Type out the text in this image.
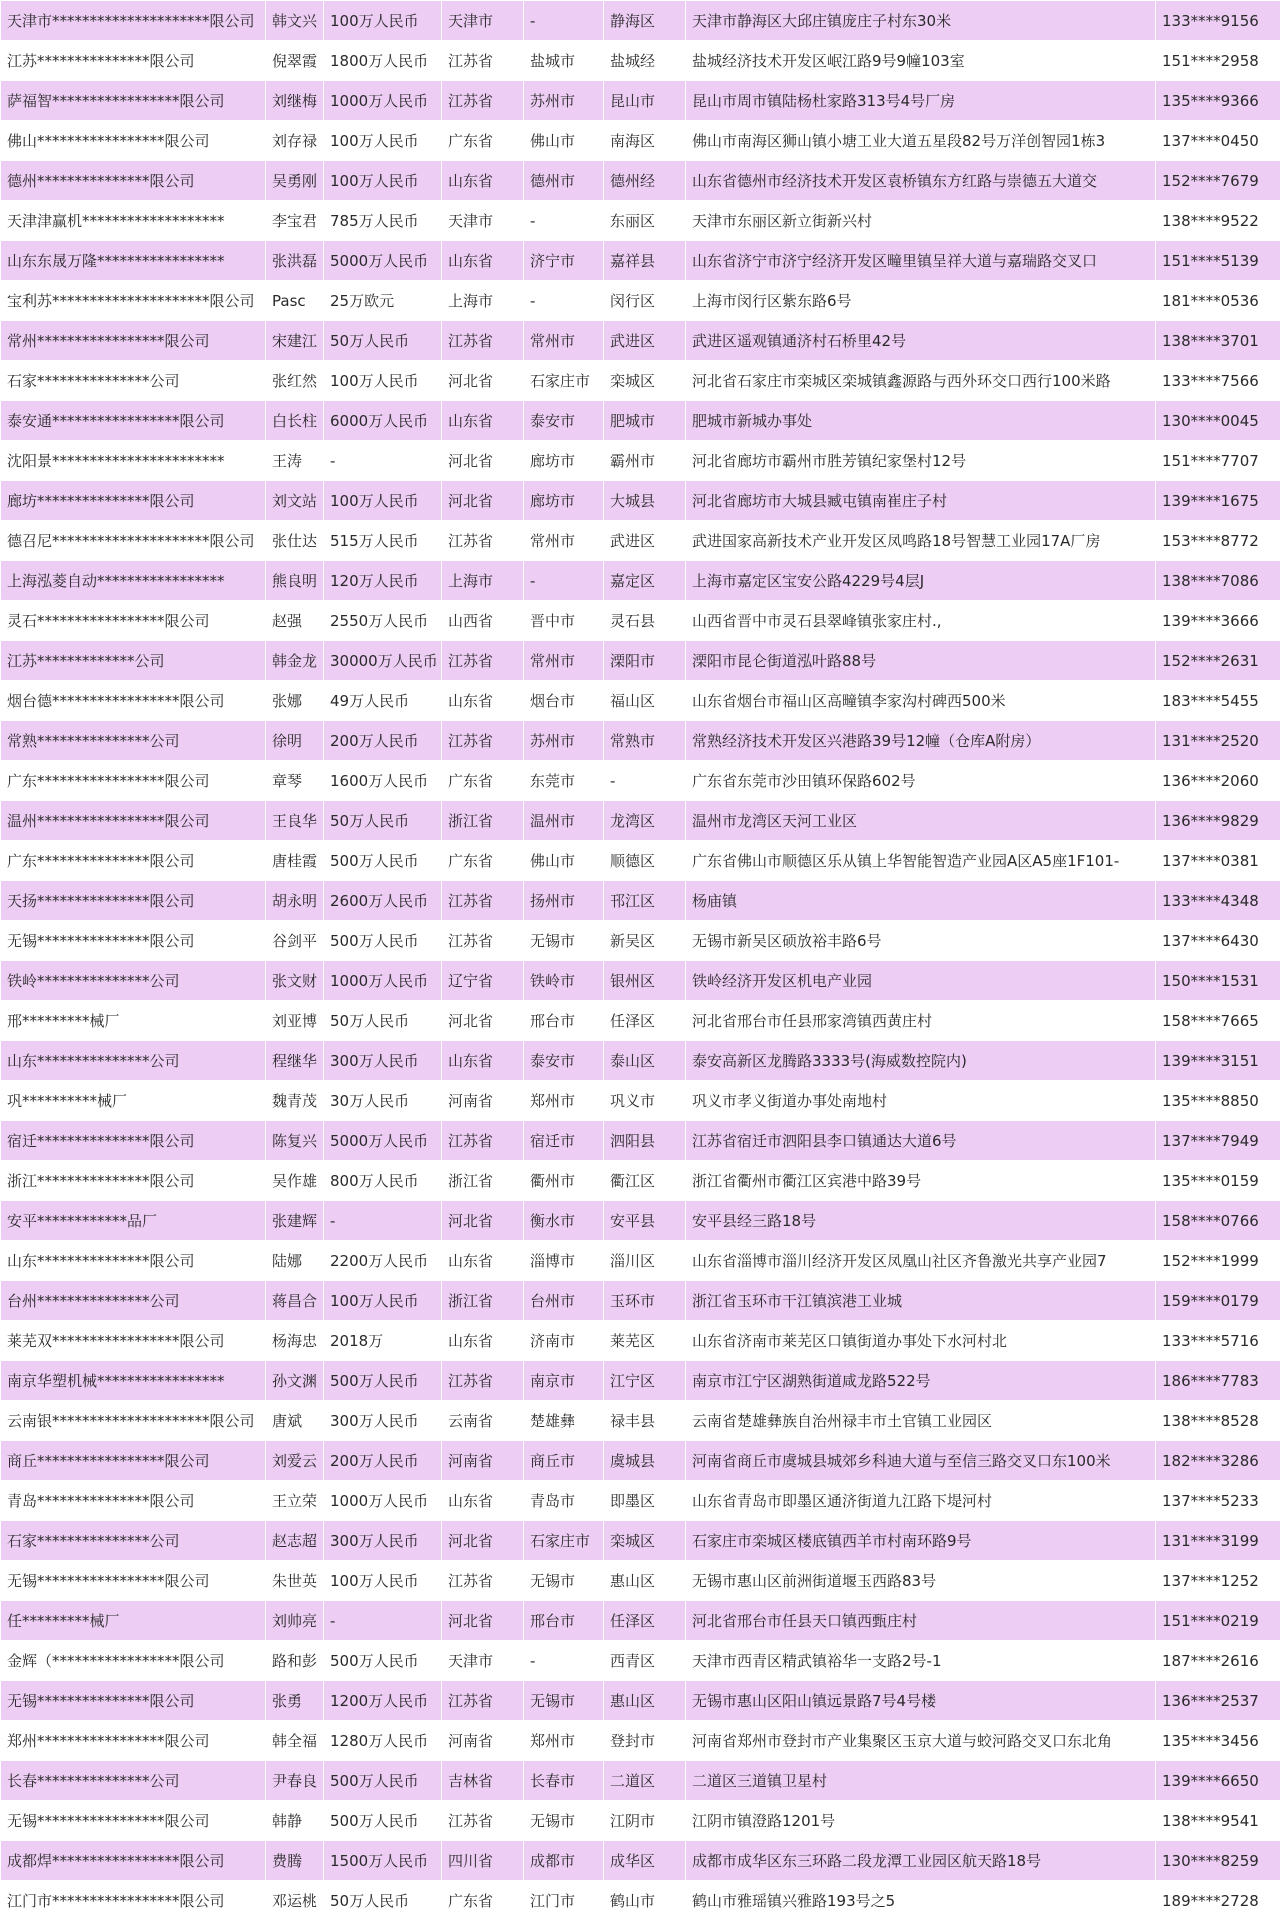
天津市*********************限公司	韩文兴	100万人民币	天津市	-	静海区	天津市静海区大邱庄镇庞庄子村东30米	133****9156
江苏***************限公司	倪翠霞	1800万人民币	江苏省	盐城市	盐城经	盐城经济技术开发区岷江路9号9幢103室	151****2958
萨福智*****************限公司	刘继梅	1000万人民币	江苏省	苏州市	昆山市	昆山市周市镇陆杨杜家路313号4号厂房	135****9366
佛山*****************限公司	刘存禄	100万人民币	广东省	佛山市	南海区	佛山市南海区狮山镇小塘工业大道五星段82号万洋创智园1栋3	137****0450
德州***************限公司	吴勇刚	100万人民币	山东省	德州市	德州经	山东省德州市经济技术开发区袁桥镇东方红路与崇德五大道交	152****7679
天津津赢机*******************	李宝君	785万人民币	天津市	-	东丽区	天津市东丽区新立街新兴村	138****9522
山东东晟万隆*****************	张洪磊	5000万人民币	山东省	济宁市	嘉祥县	山东省济宁市济宁经济开发区疃里镇呈祥大道与嘉瑞路交叉口	151****5139
宝利苏*********************限公司	Pasc	25万欧元	上海市	-	闵行区	上海市闵行区紫东路6号	181****0536
常州*****************限公司	宋建江	50万人民币	江苏省	常州市	武进区	武进区遥观镇通济村石桥里42号	138****3701
石家***************公司	张红然	100万人民币	河北省	石家庄市	栾城区	河北省石家庄市栾城区栾城镇鑫源路与西外环交口西行100米路	133****7566
泰安通*****************限公司	白长柱	6000万人民币	山东省	泰安市	肥城市	肥城市新城办事处	130****0045
沈阳景***********************	王涛	-	河北省	廊坊市	霸州市	河北省廊坊市霸州市胜芳镇纪家堡村12号	151****7707
廊坊***************限公司	刘文站	100万人民币	河北省	廊坊市	大城县	河北省廊坊市大城县臧屯镇南崔庄子村	139****1675
德召尼*********************限公司	张仕达	515万人民币	江苏省	常州市	武进区	武进国家高新技术产业开发区凤鸣路18号智慧工业园17A厂房	153****8772
上海泓菱自动*****************	熊良明	120万人民币	上海市	-	嘉定区	上海市嘉定区宝安公路4229号4层J	138****7086
灵石*****************限公司	赵强	2550万人民币	山西省	晋中市	灵石县	山西省晋中市灵石县翠峰镇张家庄村.,	139****3666
江苏*************公司	韩金龙	30000万人民币	江苏省	常州市	溧阳市	溧阳市昆仑街道泓叶路88号	152****2631
烟台德*****************限公司	张娜	49万人民币	山东省	烟台市	福山区	山东省烟台市福山区高疃镇李家沟村碑西500米	183****5455
常熟***************公司	徐明	200万人民币	江苏省	苏州市	常熟市	常熟经济技术开发区兴港路39号12幢（仓库A附房）	131****2520
广东*****************限公司	章琴	1600万人民币	广东省	东莞市	-	广东省东莞市沙田镇环保路602号	136****2060
温州*****************限公司	王良华	50万人民币	浙江省	温州市	龙湾区	温州市龙湾区天河工业区	136****9829
广东***************限公司	唐桂霞	500万人民币	广东省	佛山市	顺德区	广东省佛山市顺德区乐从镇上华智能智造产业园A区A5座1F101-	137****0381
天扬***************限公司	胡永明	2600万人民币	江苏省	扬州市	邗江区	杨庙镇	133****4348
无锡***************限公司	谷剑平	500万人民币	江苏省	无锡市	新吴区	无锡市新吴区硕放裕丰路6号	137****6430
铁岭***************公司	张文财	1000万人民币	辽宁省	铁岭市	银州区	铁岭经济开发区机电产业园	150****1531
邢*********械厂	刘亚博	50万人民币	河北省	邢台市	任泽区	河北省邢台市任县邢家湾镇西黄庄村	158****7665
山东***************公司	程继华	300万人民币	山东省	泰安市	泰山区	泰安高新区龙腾路3333号(海威数控院内)	139****3151
巩**********械厂	魏青茂	30万人民币	河南省	郑州市	巩义市	巩义市孝义街道办事处南地村	135****8850
宿迁***************限公司	陈复兴	5000万人民币	江苏省	宿迁市	泗阳县	江苏省宿迁市泗阳县李口镇通达大道6号	137****7949
浙江***************限公司	吴作雄	800万人民币	浙江省	衢州市	衢江区	浙江省衢州市衢江区宾港中路39号	135****0159
安平************品厂	张建辉	-	河北省	衡水市	安平县	安平县经三路18号	158****0766
山东***************限公司	陆娜	2200万人民币	山东省	淄博市	淄川区	山东省淄博市淄川经济开发区凤凰山社区齐鲁激光共享产业园7	152****1999
台州***************公司	蒋昌合	100万人民币	浙江省	台州市	玉环市	浙江省玉环市干江镇滨港工业城	159****0179
莱芜双*****************限公司	杨海忠	2018万	山东省	济南市	莱芜区	山东省济南市莱芜区口镇街道办事处下水河村北	133****5716
南京华塑机械*****************	孙文渊	500万人民币	江苏省	南京市	江宁区	南京市江宁区湖熟街道咸龙路522号	186****7783
云南银*********************限公司	唐斌	300万人民币	云南省	楚雄彝	禄丰县	云南省楚雄彝族自治州禄丰市土官镇工业园区	138****8528
商丘*****************限公司	刘爱云	200万人民币	河南省	商丘市	虞城县	河南省商丘市虞城县城郊乡科迪大道与至信三路交叉口东100米	182****3286
青岛***************限公司	王立荣	1000万人民币	山东省	青岛市	即墨区	山东省青岛市即墨区通济街道九江路下堤河村	137****5233
石家***************公司	赵志超	300万人民币	河北省	石家庄市	栾城区	石家庄市栾城区楼底镇西羊市村南环路9号	131****3199
无锡*****************限公司	朱世英	100万人民币	江苏省	无锡市	惠山区	无锡市惠山区前洲街道堰玉西路83号	137****1252
任*********械厂	刘帅亮	-	河北省	邢台市	任泽区	河北省邢台市任县天口镇西甄庄村	151****0219
金辉（*****************限公司	路和彭	500万人民币	天津市	-	西青区	天津市西青区精武镇裕华一支路2号-1	187****2616
无锡***************限公司	张勇	1200万人民币	江苏省	无锡市	惠山区	无锡市惠山区阳山镇远景路7号4号楼	136****2537
郑州*****************限公司	韩全福	1280万人民币	河南省	郑州市	登封市	河南省郑州市登封市产业集聚区玉京大道与蛟河路交叉口东北角	135****3456
长春***************公司	尹春良	500万人民币	吉林省	长春市	二道区	二道区三道镇卫星村	139****6650
无锡*****************限公司	韩静	500万人民币	江苏省	无锡市	江阴市	江阴市镇澄路1201号	138****9541
成都焊*****************限公司	费腾	1500万人民币	四川省	成都市	成华区	成都市成华区东三环路二段龙潭工业园区航天路18号	130****8259
江门市*****************限公司	邓运桃	50万人民币	广东省	江门市	鹤山市	鹤山市雅瑶镇兴雅路193号之5	189****2728
